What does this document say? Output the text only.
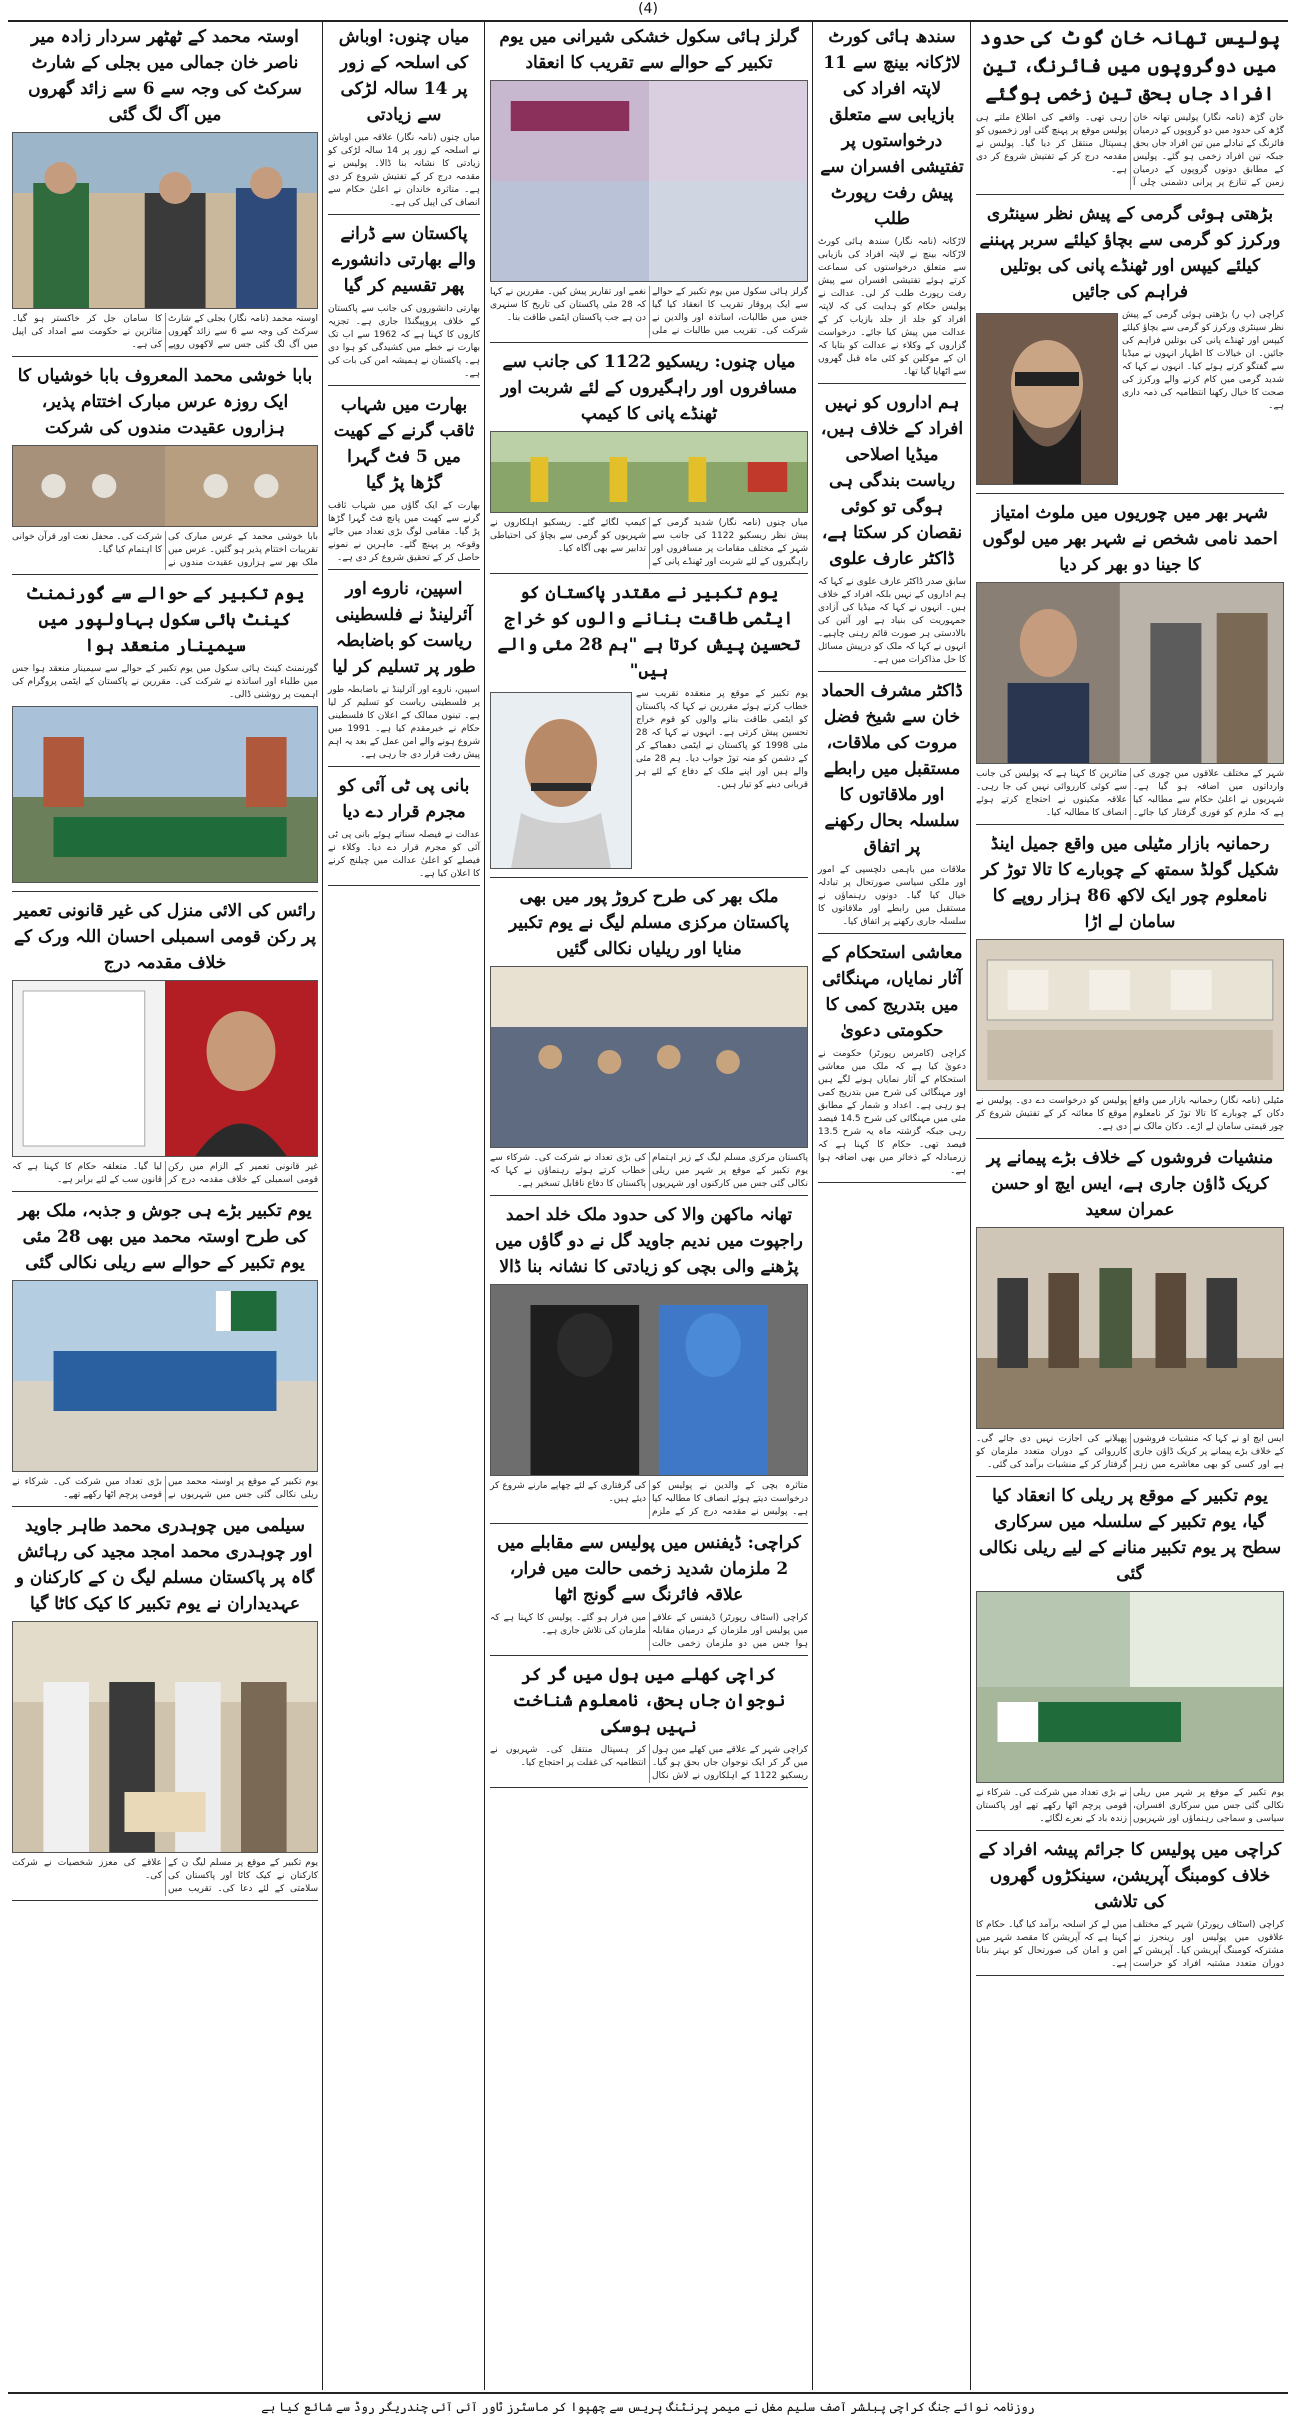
(4)
پولیس تھانہ خان گوٹ کی حدود میں دوگروپوں میں فائرنگ، تین افراد جاں بحق تین زخمی ہوگئے
خان گڑھ (نامہ نگار) پولیس تھانہ خان گڑھ کی حدود میں دو گروپوں کے درمیان فائرنگ کے تبادلے میں تین افراد جاں بحق جبکہ تین افراد زخمی ہو گئے۔ پولیس کے مطابق دونوں گروپوں کے درمیان زمین کے تنازع پر پرانی دشمنی چلی آ رہی تھی۔ واقعے کی اطلاع ملتے ہی پولیس موقع پر پہنچ گئی اور زخمیوں کو ہسپتال منتقل کر دیا گیا۔ پولیس نے مقدمہ درج کر کے تفتیش شروع کر دی ہے۔
بڑھتی ہوئی گرمی کے پیش نظر سینٹری ورکرز کو گرمی سے بچاؤ کیلئے سربر پہننے کیلئے کیپس اور ٹھنڈے پانی کی بوتلیں فراہم کی جائیں
کراچی (پ ر) بڑھتی ہوئی گرمی کے پیش نظر سینٹری ورکرز کو گرمی سے بچاؤ کیلئے کیپس اور ٹھنڈے پانی کی بوتلیں فراہم کی جائیں۔ ان خیالات کا اظہار انہوں نے میڈیا سے گفتگو کرتے ہوئے کیا۔ انہوں نے کہا کہ شدید گرمی میں کام کرنے والے ورکرز کی صحت کا خیال رکھنا انتظامیہ کی ذمہ داری ہے۔
شہر بھر میں چوریوں میں ملوث امتیاز احمد نامی شخص نے شہر بھر میں لوگوں کا جینا دو بھر کر دیا
شہر کے مختلف علاقوں میں چوری کی وارداتوں میں اضافہ ہو گیا ہے۔ شہریوں نے اعلیٰ حکام سے مطالبہ کیا ہے کہ ملزم کو فوری گرفتار کیا جائے۔ متاثرین کا کہنا ہے کہ پولیس کی جانب سے کوئی کارروائی نہیں کی جا رہی۔ علاقہ مکینوں نے احتجاج کرتے ہوئے انصاف کا مطالبہ کیا۔
رحمانیہ بازار مٹیلی میں واقع جمیل اینڈ شکیل گولڈ سمتھ کے چوبارے کا تالا توڑ کر نامعلوم چور ایک لاکھ 86 ہزار روپے کا سامان لے اڑا
مٹیلی (نامہ نگار) رحمانیہ بازار میں واقع دکان کے چوبارے کا تالا توڑ کر نامعلوم چور قیمتی سامان لے اڑے۔ دکان مالک نے پولیس کو درخواست دے دی۔ پولیس نے موقع کا معائنہ کر کے تفتیش شروع کر دی ہے۔
منشیات فروشوں کے خلاف بڑے پیمانے پر کریک ڈاؤن جاری ہے، ایس ایچ او حسن عمران سعید
ایس ایچ او نے کہا کہ منشیات فروشوں کے خلاف بڑے پیمانے پر کریک ڈاؤن جاری ہے اور کسی کو بھی معاشرے میں زہر پھیلانے کی اجازت نہیں دی جائے گی۔ کارروائی کے دوران متعدد ملزمان کو گرفتار کر کے منشیات برآمد کی گئی۔
یوم تکبیر کے موقع پر ریلی کا انعقاد کیا گیا، یوم تکبیر کے سلسلہ میں سرکاری سطح پر یوم تکبیر منانے کے لیے ریلی نکالی گئی
یوم تکبیر کے موقع پر شہر میں ریلی نکالی گئی جس میں سرکاری افسران، سیاسی و سماجی رہنماؤں اور شہریوں نے بڑی تعداد میں شرکت کی۔ شرکاء نے قومی پرچم اٹھا رکھے تھے اور پاکستان زندہ باد کے نعرے لگائے۔
کراچی میں پولیس کا جرائم پیشہ افراد کے خلاف کومبنگ آپریشن، سینکڑوں گھروں کی تلاشی
کراچی (اسٹاف رپورٹر) شہر کے مختلف علاقوں میں پولیس اور رینجرز نے مشترکہ کومبنگ آپریشن کیا۔ آپریشن کے دوران متعدد مشتبہ افراد کو حراست میں لے کر اسلحہ برآمد کیا گیا۔ حکام کا کہنا ہے کہ آپریشن کا مقصد شہر میں امن و امان کی صورتحال کو بہتر بنانا ہے۔
سندھ ہائی کورٹ لاڑکانہ بینچ سے 11 لاپتہ افراد کی بازیابی سے متعلق درخواستوں پر تفتیشی افسران سے پیش رفت رپورٹ طلب
لاڑکانہ (نامہ نگار) سندھ ہائی کورٹ لاڑکانہ بینچ نے لاپتہ افراد کی بازیابی سے متعلق درخواستوں کی سماعت کرتے ہوئے تفتیشی افسران سے پیش رفت رپورٹ طلب کر لی۔ عدالت نے پولیس حکام کو ہدایت کی کہ لاپتہ افراد کو جلد از جلد بازیاب کر کے عدالت میں پیش کیا جائے۔ درخواست گزاروں کے وکلاء نے عدالت کو بتایا کہ ان کے موکلین کو کئی ماہ قبل گھروں سے اٹھایا گیا تھا۔
ہم اداروں کو نہیں افراد کے خلاف ہیں، میڈیا اصلاحی ریاست بندگی ہی ہوگی تو کوئی نقصان کر سکتا ہے، ڈاکٹر عارف علوی
سابق صدر ڈاکٹر عارف علوی نے کہا کہ ہم اداروں کے نہیں بلکہ افراد کے خلاف ہیں۔ انہوں نے کہا کہ میڈیا کی آزادی جمہوریت کی بنیاد ہے اور آئین کی بالادستی ہر صورت قائم رہنی چاہیے۔ انہوں نے کہا کہ ملک کو درپیش مسائل کا حل مذاکرات میں ہے۔
ڈاکٹر مشرف الحماد خان سے شیخ فضل مروت کی ملاقات، مستقبل میں رابطے اور ملاقاتوں کا سلسلہ بحال رکھنے پر اتفاق
ملاقات میں باہمی دلچسپی کے امور اور ملکی سیاسی صورتحال پر تبادلہ خیال کیا گیا۔ دونوں رہنماؤں نے مستقبل میں رابطے اور ملاقاتوں کا سلسلہ جاری رکھنے پر اتفاق کیا۔
معاشی استحکام کے آثار نمایاں، مہنگائی میں بتدریج کمی کا حکومتی دعویٰ
کراچی (کامرس رپورٹر) حکومت نے دعویٰ کیا ہے کہ ملک میں معاشی استحکام کے آثار نمایاں ہونے لگے ہیں اور مہنگائی کی شرح میں بتدریج کمی ہو رہی ہے۔ اعداد و شمار کے مطابق مئی میں مہنگائی کی شرح 14.5 فیصد رہی جبکہ گزشتہ ماہ یہ شرح 13.5 فیصد تھی۔ حکام کا کہنا ہے کہ زرمبادلہ کے ذخائر میں بھی اضافہ ہوا ہے۔
گرلز ہائی سکول خشکی شیرانی میں یوم تکبیر کے حوالے سے تقریب کا انعقاد
گرلز ہائی سکول میں یوم تکبیر کے حوالے سے ایک پروقار تقریب کا انعقاد کیا گیا جس میں طالبات، اساتذہ اور والدین نے شرکت کی۔ تقریب میں طالبات نے ملی نغمے اور تقاریر پیش کیں۔ مقررین نے کہا کہ 28 مئی پاکستان کی تاریخ کا سنہری دن ہے جب پاکستان ایٹمی طاقت بنا۔
میاں چنوں: ریسکیو 1122 کی جانب سے مسافروں اور راہگیروں کے لئے شربت اور ٹھنڈے پانی کا کیمپ
میاں چنوں (نامہ نگار) شدید گرمی کے پیش نظر ریسکیو 1122 کی جانب سے شہر کے مختلف مقامات پر مسافروں اور راہگیروں کے لئے شربت اور ٹھنڈے پانی کے کیمپ لگائے گئے۔ ریسکیو اہلکاروں نے شہریوں کو گرمی سے بچاؤ کی احتیاطی تدابیر سے بھی آگاہ کیا۔
یوم تکبیر نے مقتدر پاکستان کو ایٹمی طاقت بنانے والوں کو خراج تحسین پیش کرتا ہے "ہم 28 مئی والے ہیں"
یوم تکبیر کے موقع پر منعقدہ تقریب سے خطاب کرتے ہوئے مقررین نے کہا کہ پاکستان کو ایٹمی طاقت بنانے والوں کو قوم خراج تحسین پیش کرتی ہے۔ انہوں نے کہا کہ 28 مئی 1998 کو پاکستان نے ایٹمی دھماکے کر کے دشمن کو منہ توڑ جواب دیا۔ ہم 28 مئی والے ہیں اور اپنے ملک کے دفاع کے لئے ہر قربانی دینے کو تیار ہیں۔
ملک بھر کی طرح کروڑ پور میں بھی پاکستان مرکزی مسلم لیگ نے یوم تکبیر منایا اور ریلیاں نکالی گئیں
پاکستان مرکزی مسلم لیگ کے زیر اہتمام یوم تکبیر کے موقع پر شہر میں ریلی نکالی گئی جس میں کارکنوں اور شہریوں کی بڑی تعداد نے شرکت کی۔ شرکاء سے خطاب کرتے ہوئے رہنماؤں نے کہا کہ پاکستان کا دفاع ناقابل تسخیر ہے۔
تھانہ ماکھن والا کی حدود ملک خلد احمد راجپوت میں ندیم جاوید گل نے دو گاؤں میں پڑھنے والی بچی کو زیادتی کا نشانہ بنا ڈالا
متاثرہ بچی کے والدین نے پولیس کو درخواست دیتے ہوئے انصاف کا مطالبہ کیا ہے۔ پولیس نے مقدمہ درج کر کے ملزم کی گرفتاری کے لئے چھاپے مارنے شروع کر دیئے ہیں۔
کراچی: ڈیفنس میں پولیس سے مقابلے میں 2 ملزمان شدید زخمی حالت میں فرار، علاقہ فائرنگ سے گونج اٹھا
کراچی (اسٹاف رپورٹر) ڈیفنس کے علاقے میں پولیس اور ملزمان کے درمیان مقابلہ ہوا جس میں دو ملزمان زخمی حالت میں فرار ہو گئے۔ پولیس کا کہنا ہے کہ ملزمان کی تلاش جاری ہے۔
کراچی کھلے میں ہول میں گر کر نوجوان جاں بحق، نامعلوم شناخت نہیں ہوسکی
کراچی شہر کے علاقے میں کھلے مین ہول میں گر کر ایک نوجوان جاں بحق ہو گیا۔ ریسکیو 1122 کے اہلکاروں نے لاش نکال کر ہسپتال منتقل کی۔ شہریوں نے انتظامیہ کی غفلت پر احتجاج کیا۔
میاں چنوں: اوباش کی اسلحہ کے زور پر 14 سالہ لڑکی سے زیادتی
میاں چنوں (نامہ نگار) علاقہ میں اوباش نے اسلحہ کے زور پر 14 سالہ لڑکی کو زیادتی کا نشانہ بنا ڈالا۔ پولیس نے مقدمہ درج کر کے تفتیش شروع کر دی ہے۔ متاثرہ خاندان نے اعلیٰ حکام سے انصاف کی اپیل کی ہے۔
پاکستان سے ڈرانے والے بھارتی دانشورے پھر تقسیم کر گیا
بھارتی دانشوروں کی جانب سے پاکستان کے خلاف پروپیگنڈا جاری ہے۔ تجزیہ کاروں کا کہنا ہے کہ 1962 سے اب تک بھارت نے خطے میں کشیدگی کو ہوا دی ہے۔ پاکستان نے ہمیشہ امن کی بات کی ہے۔
بھارت میں شہاب ثاقب گرنے کے کھیت میں 5 فٹ گہرا گڑھا پڑ گیا
بھارت کے ایک گاؤں میں شہاب ثاقب گرنے سے کھیت میں پانچ فٹ گہرا گڑھا پڑ گیا۔ مقامی لوگ بڑی تعداد میں جائے وقوعہ پر پہنچ گئے۔ ماہرین نے نمونے حاصل کر کے تحقیق شروع کر دی ہے۔
اسپین، ناروے اور آئرلینڈ نے فلسطینی ریاست کو باضابطہ طور پر تسلیم کر لیا
اسپین، ناروے اور آئرلینڈ نے باضابطہ طور پر فلسطینی ریاست کو تسلیم کر لیا ہے۔ تینوں ممالک کے اعلان کا فلسطینی حکام نے خیرمقدم کیا ہے۔ 1991 میں شروع ہونے والے امن عمل کے بعد یہ اہم پیش رفت قرار دی جا رہی ہے۔
بانی پی ٹی آئی کو مجرم قرار دے دیا
عدالت نے فیصلہ سناتے ہوئے بانی پی ٹی آئی کو مجرم قرار دے دیا۔ وکلاء نے فیصلے کو اعلیٰ عدالت میں چیلنج کرنے کا اعلان کیا ہے۔
اوستہ محمد کے ٹھٹھر سردار زادہ میر ناصر خان جمالی میں بجلی کے شارٹ سرکٹ کی وجہ سے 6 سے زائد گھروں میں آگ لگ گئی
اوستہ محمد (نامہ نگار) بجلی کے شارٹ سرکٹ کی وجہ سے 6 سے زائد گھروں میں آگ لگ گئی جس سے لاکھوں روپے کا سامان جل کر خاکستر ہو گیا۔ متاثرین نے حکومت سے امداد کی اپیل کی ہے۔
بابا خوشی محمد المعروف بابا خوشیاں کا ایک روزہ عرس مبارک اختتام پذیر، ہزاروں عقیدت مندوں کی شرکت
بابا خوشی محمد کے عرس مبارک کی تقریبات اختتام پذیر ہو گئیں۔ عرس میں ملک بھر سے ہزاروں عقیدت مندوں نے شرکت کی۔ محفل نعت اور قرآن خوانی کا اہتمام کیا گیا۔
یوم تکبیر کے حوالے سے گورنمنٹ کینٹ ہائی سکول بہاولپور میں سیمینار منعقد ہوا
گورنمنٹ کینٹ ہائی سکول میں یوم تکبیر کے حوالے سے سیمینار منعقد ہوا جس میں طلباء اور اساتذہ نے شرکت کی۔ مقررین نے پاکستان کے ایٹمی پروگرام کی اہمیت پر روشنی ڈالی۔
رائس کی الائی منزل کی غیر قانونی تعمیر پر رکن قومی اسمبلی احسان اللہ ورک کے خلاف مقدمہ درج
غیر قانونی تعمیر کے الزام میں رکن قومی اسمبلی کے خلاف مقدمہ درج کر لیا گیا۔ متعلقہ حکام کا کہنا ہے کہ قانون سب کے لئے برابر ہے۔
یوم تکبیر بڑے ہی جوش و جذبہ، ملک بھر کی طرح اوستہ محمد میں بھی 28 مئی یوم تکبیر کے حوالے سے ریلی نکالی گئی
یوم تکبیر کے موقع پر اوستہ محمد میں ریلی نکالی گئی جس میں شہریوں نے بڑی تعداد میں شرکت کی۔ شرکاء نے قومی پرچم اٹھا رکھے تھے۔
سیلمی میں چوہدری محمد طاہر جاوید اور چوہدری محمد امجد مجید کی رہائش گاہ پر پاکستان مسلم لیگ ن کے کارکنان و عہدیداران نے یوم تکبیر کا کیک کاٹا گیا
یوم تکبیر کے موقع پر مسلم لیگ ن کے کارکنان نے کیک کاٹا اور پاکستان کی سلامتی کے لئے دعا کی۔ تقریب میں علاقے کی معزز شخصیات نے شرکت کی۔
روزنامہ نوائے جنگ کراچی پبلشر آصف سلیم مغل نے میمر پرنٹنگ پریس سے چھپوا کر ماسٹرز ٹاور آئی آئی چندریگر روڈ سے شائع کیا ہے
